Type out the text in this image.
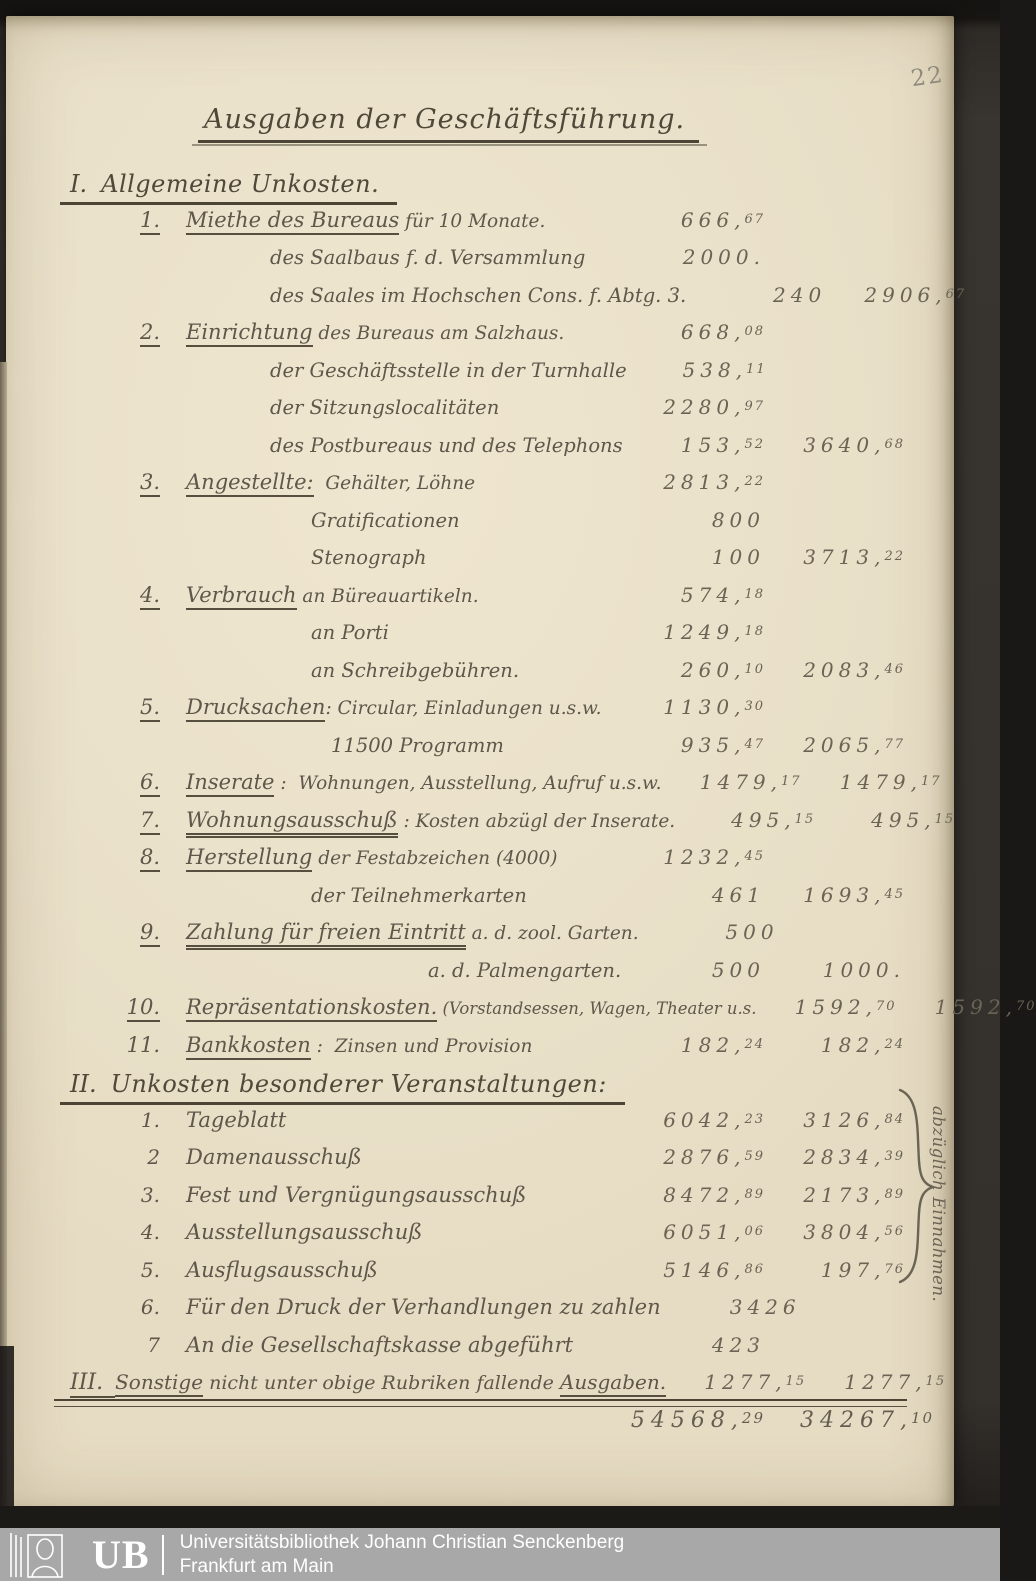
22
Ausgaben der Geschäftsführung.
I. Allgemeine Unkosten.
1. Miethe des Bureaus für 10 Monate.	666, $^{67}$
des Saalbaus f. d. Versammlung	2000.
des Saales im Hochschen Cons. f. Abtg. 3.	240 2906, $^{67}$
2. Einrichtung des Bureaus am Salzhaus.	668, $^{08}$
der Geschäftsstelle in der Turnhalle	538, $^{11}$
der Sitzungslocalitäten	2280, $^{97}$
des Postbureaus und des Telephons	153, $^{52}$ 3640, $^{68}$
3. Angestellte:  Gehälter, Löhne	2813, $^{22}$
Gratificationen	800
Stenograph	100 3713, $^{22}$
4. Verbrauch an Büreauartikeln.	574, $^{18}$
an Porti	1249, $^{18}$
an Schreibgebühren.	260, $^{10}$ 2083, $^{46}$
5. Drucksachen: Circular, Einladungen u.s.w.	1130, $^{30}$
11500 Programm	935, $^{47}$ 2065, $^{77}$
6. Inserate :  Wohnungen, Ausstellung, Aufruf u.s.w.	1479, $^{17}$ 1479, $^{17}$
7. Wohnungsausschuß : Kosten abzügl der Inserate.	495, $^{15}$	495, $^{15}$
8. Herstellung der Festabzeichen (4000)	1232, $^{45}$
der Teilnehmerkarten	461 1693, $^{45}$
9. Zahlung für freien Eintritt a. d. zool. Garten.	500
a. d. Palmengarten.	500	1000.
10. Repräsentationskosten. (Vorstandsessen, Wagen, Theater u.s.	1592, $^{70}$ 1592, $^{70}$
11. Bankkosten :  Zinsen und Provision	182, $^{24}$	182, $^{24}$
II. Unkosten besonderer Veranstaltungen:
1. Tageblatt	6042, $^{23}$ 3126, $^{84}$
2 Damenausschuß	2876, $^{59}$ 2834, $^{39}$
3. Fest und Vergnügungsausschuß	8472, $^{89}$ 2173, $^{89}$
4. Ausstellungsausschuß	6051, $^{06}$ 3804, $^{56}$
5. Ausflugsausschuß	5146, $^{86}$	197, $^{76}$
6. Für den Druck der Verhandlungen zu zahlen	3426
7 An die Gesellschaftskasse abgeführt	423
III. Sonstige nicht unter obige Rubriken fallende Ausgaben.	1277, $^{15}$ 1277, $^{15}$
54568, 29 34267, 10
abzüglich Einnahmen.
UB Universitätsbibliothek Johann Christian Senckenberg
Frankfurt am Main
